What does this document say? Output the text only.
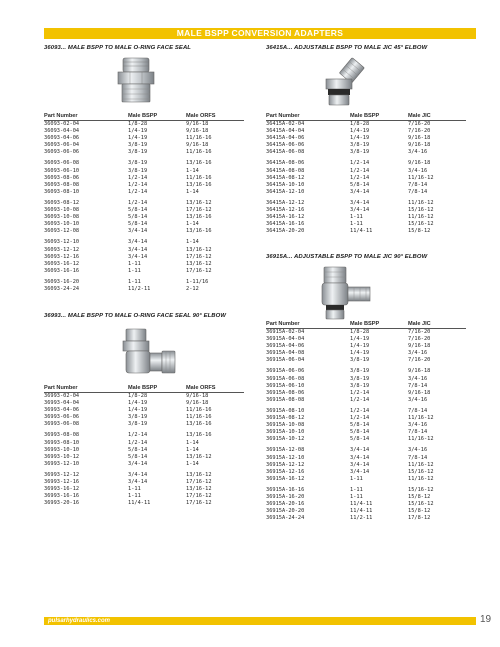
MALE BSPP CONVERSION ADAPTERS
36093... MALE BSPP TO MALE O-RING FACE SEAL
Part Number	Male BSPP	Male ORFS
36093-02-04	1/8-28	9/16-18
36093-04-04	1/4-19	9/16-18
36093-04-06	1/4-19	11/16-16
36093-06-04	3/8-19	9/16-18
36093-06-06	3/8-19	11/16-16

36093-06-08	3/8-19	13/16-16
36093-06-10	3/8-19	1-14
36093-08-06	1/2-14	11/16-16
36093-08-08	1/2-14	13/16-16
36093-08-10	1/2-14	1-14

36093-08-12	1/2-14	13/16-12
36093-10-08	5/8-14	17/16-12
36093-10-08	5/8-14	13/16-16
36093-10-10	5/8-14	1-14
36093-12-08	3/4-14	13/16-16

36093-12-10	3/4-14	1-14
36093-12-12	3/4-14	13/16-12
36093-12-16	3/4-14	17/16-12
36093-16-12	1-11	13/16-12
36093-16-16	1-11	17/16-12

36093-16-20	1-11	1-11/16
36093-24-24	11/2-11	2-12
36993... MALE BSPP TO MALE O-RING FACE SEAL 90° ELBOW
Part Number	Male BSPP	Male ORFS
36993-02-04	1/8-28	9/16-18
36993-04-04	1/4-19	9/16-18
36993-04-06	1/4-19	11/16-16
36993-06-06	3/8-19	11/16-16
36993-06-08	3/8-19	13/16-16

36993-08-08	1/2-14	13/16-16
36993-08-10	1/2-14	1-14
36993-10-10	5/8-14	1-14
36993-10-12	5/8-14	13/16-12
36993-12-10	3/4-14	1-14

36993-12-12	3/4-14	13/16-12
36993-12-16	3/4-14	17/16-12
36993-16-12	1-11	13/16-12
36993-16-16	1-11	17/16-12
36993-20-16	11/4-11	17/16-12
36415A... ADJUSTABLE BSPP TO MALE JIC 45° ELBOW
Part Number	Male BSPP	Male JIC
36415A-02-04	1/8-28	7/16-20
36415A-04-04	1/4-19	7/16-20
36415A-04-06	1/4-19	9/16-18
36415A-06-06	3/8-19	9/16-18
36415A-06-08	3/8-19	3/4-16

36415A-08-06	1/2-14	9/16-18
36415A-08-08	1/2-14	3/4-16
36415A-08-12	1/2-14	11/16-12
36415A-10-10	5/8-14	7/8-14
36415A-12-10	3/4-14	7/8-14

36415A-12-12	3/4-14	11/16-12
36415A-12-16	3/4-14	15/16-12
36415A-16-12	1-11	11/16-12
36415A-16-16	1-11	15/16-12
36415A-20-20	11/4-11	15/8-12
36915A... ADJUSTABLE BSPP TO MALE JIC 90° ELBOW
Part Number	Male BSPP	Male JIC
36915A-02-04	1/8-28	7/16-20
36915A-04-04	1/4-19	7/16-20
36915A-04-06	1/4-19	9/16-18
36915A-04-08	1/4-19	3/4-16
36915A-06-04	3/8-19	7/16-20

36915A-06-06	3/8-19	9/16-18
36915A-06-08	3/8-19	3/4-16
36915A-06-10	3/8-19	7/8-14
36915A-08-06	1/2-14	9/16-18
36915A-08-08	1/2-14	3/4-16

36915A-08-10	1/2-14	7/8-14
36915A-08-12	1/2-14	11/16-12
36915A-10-08	5/8-14	3/4-16
36915A-10-10	5/8-14	7/8-14
36915A-10-12	5/8-14	11/16-12

36915A-12-08	3/4-14	3/4-16
36915A-12-10	3/4-14	7/8-14
36915A-12-12	3/4-14	11/16-12
36915A-12-16	3/4-14	15/16-12
36915A-16-12	1-11	11/16-12

36915A-16-16	1-11	15/16-12
36915A-16-20	1-11	15/8-12
36915A-20-16	11/4-11	15/16-12
36915A-20-20	11/4-11	15/8-12
36915A-24-24	11/2-11	17/8-12
pulsarhydraulics.com	19
